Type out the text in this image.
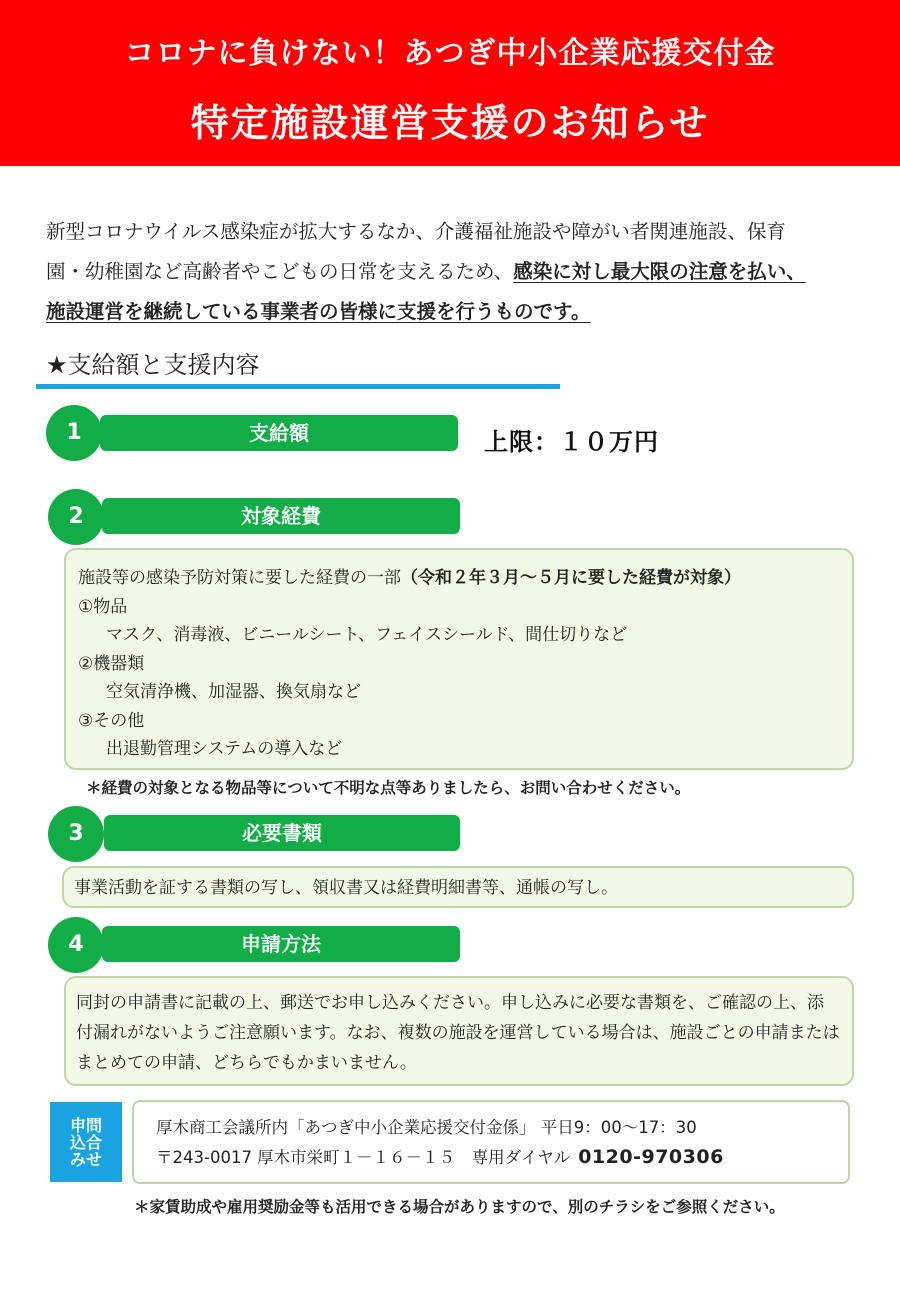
コロナに負けない！あつぎ中小企業応援交付金
特定施設運営支援のお知らせ
新型コロナウイルス感染症が拡大するなか、介護福祉施設や障がい者関連施設、保育
園・幼稚園など高齢者やこどもの日常を支えるため、感染に対し最大限の注意を払い、
施設運営を継続している事業者の皆様に支援を行うものです。
★支給額と支援内容
支給額
1	上限：１０万円
対象経費
2
施設等の感染予防対策に要した経費の一部（令和２年３月～５月に要した経費が対象）
①物品
マスク、消毒液、ビニールシート、フェイスシールド、間仕切りなど
②機器類
空気清浄機、加湿器、換気扇など
③その他
出退勤管理システムの導入など
＊経費の対象となる物品等について不明な点等ありましたら、お問い合わせください。
必要書類
3
事業活動を証する書類の写し、領収書又は経費明細書等、通帳の写し。
申請方法
4
同封の申請書に記載の上、郵送でお申し込みください。申し込みに必要な書類を、ご確認の上、添
付漏れがないようご注意願います。なお、複数の施設を運営している場合は、施設ごとの申請または
まとめての申請、どちらでもかまいません。
申問
込合
みせ
厚木商工会議所内「あつぎ中小企業応援交付金係」 平日9：00～17：30
〒243-0017 厚木市栄町１－１６－１５　専用ダイヤル 0120-970306
＊家賃助成や雇用奨励金等も活用できる場合がありますので、別のチラシをご参照ください。
